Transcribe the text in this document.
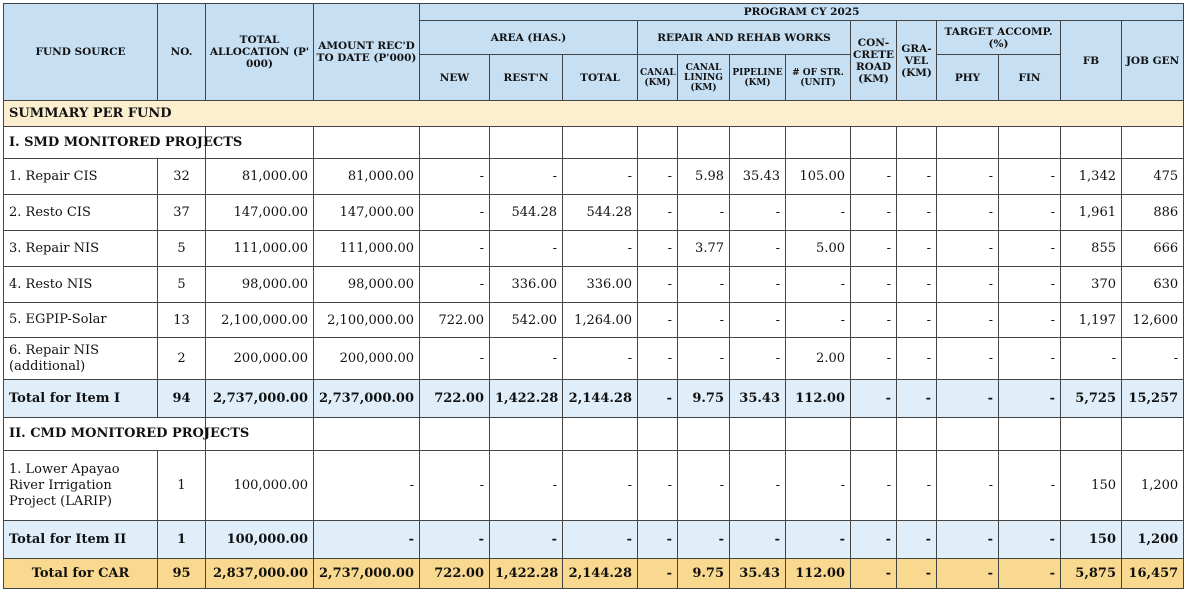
FUND SOURCE	NO.	TOTAL ALLOCATION (P' 000)	AMOUNT REC'D TO DATE (P'000)	PROGRAM CY 2025												
				AREA (HAS.)			REPAIR AND REHAB WORKS				CON- CRETE ROAD (KM)	GRA- VEL (KM)	TARGET ACCOMP. (%)		FB	JOB GEN
				NEW	REST'N	TOTAL	CANAL (KM)	CANAL LINING (KM)	PIPELINE (KM)	# OF STR. (UNIT)			PHY	FIN		
SUMMARY PER FUND																
I. SMD MONITORED PROJECTS																
1. Repair CIS	32	81,000.00	81,000.00	-	-	-	-	5.98	35.43	105.00	-	-	-	-	1,342	475
2. Resto CIS	37	147,000.00	147,000.00	-	544.28	544.28	-	-	-	-	-	-	-	-	1,961	886
3. Repair NIS	5	111,000.00	111,000.00	-	-	-	-	3.77	-	5.00	-	-	-	-	855	666
4. Resto NIS	5	98,000.00	98,000.00	-	336.00	336.00	-	-	-	-	-	-	-	-	370	630
5. EGPIP-Solar	13	2,100,000.00	2,100,000.00	722.00	542.00	1,264.00	-	-	-	-	-	-	-	-	1,197	12,600
6. Repair NIS (additional)	2	200,000.00	200,000.00	-	-	-	-	-	-	2.00	-	-	-	-	-	-
Total for Item I	94	2,737,000.00	2,737,000.00	722.00	1,422.28	2,144.28	-	9.75	35.43	112.00	-	-	-	-	5,725	15,257
II. CMD MONITORED PROJECTS																
1. Lower Apayao River Irrigation Project (LARIP)	1	100,000.00	-	-	-	-	-	-	-	-	-	-	-	-	150	1,200
Total for Item II	1	100,000.00	-	-	-	-	-	-	-	-	-	-	-	-	150	1,200
Total for CAR	95	2,837,000.00	2,737,000.00	722.00	1,422.28	2,144.28	-	9.75	35.43	112.00	-	-	-	-	5,875	16,457
